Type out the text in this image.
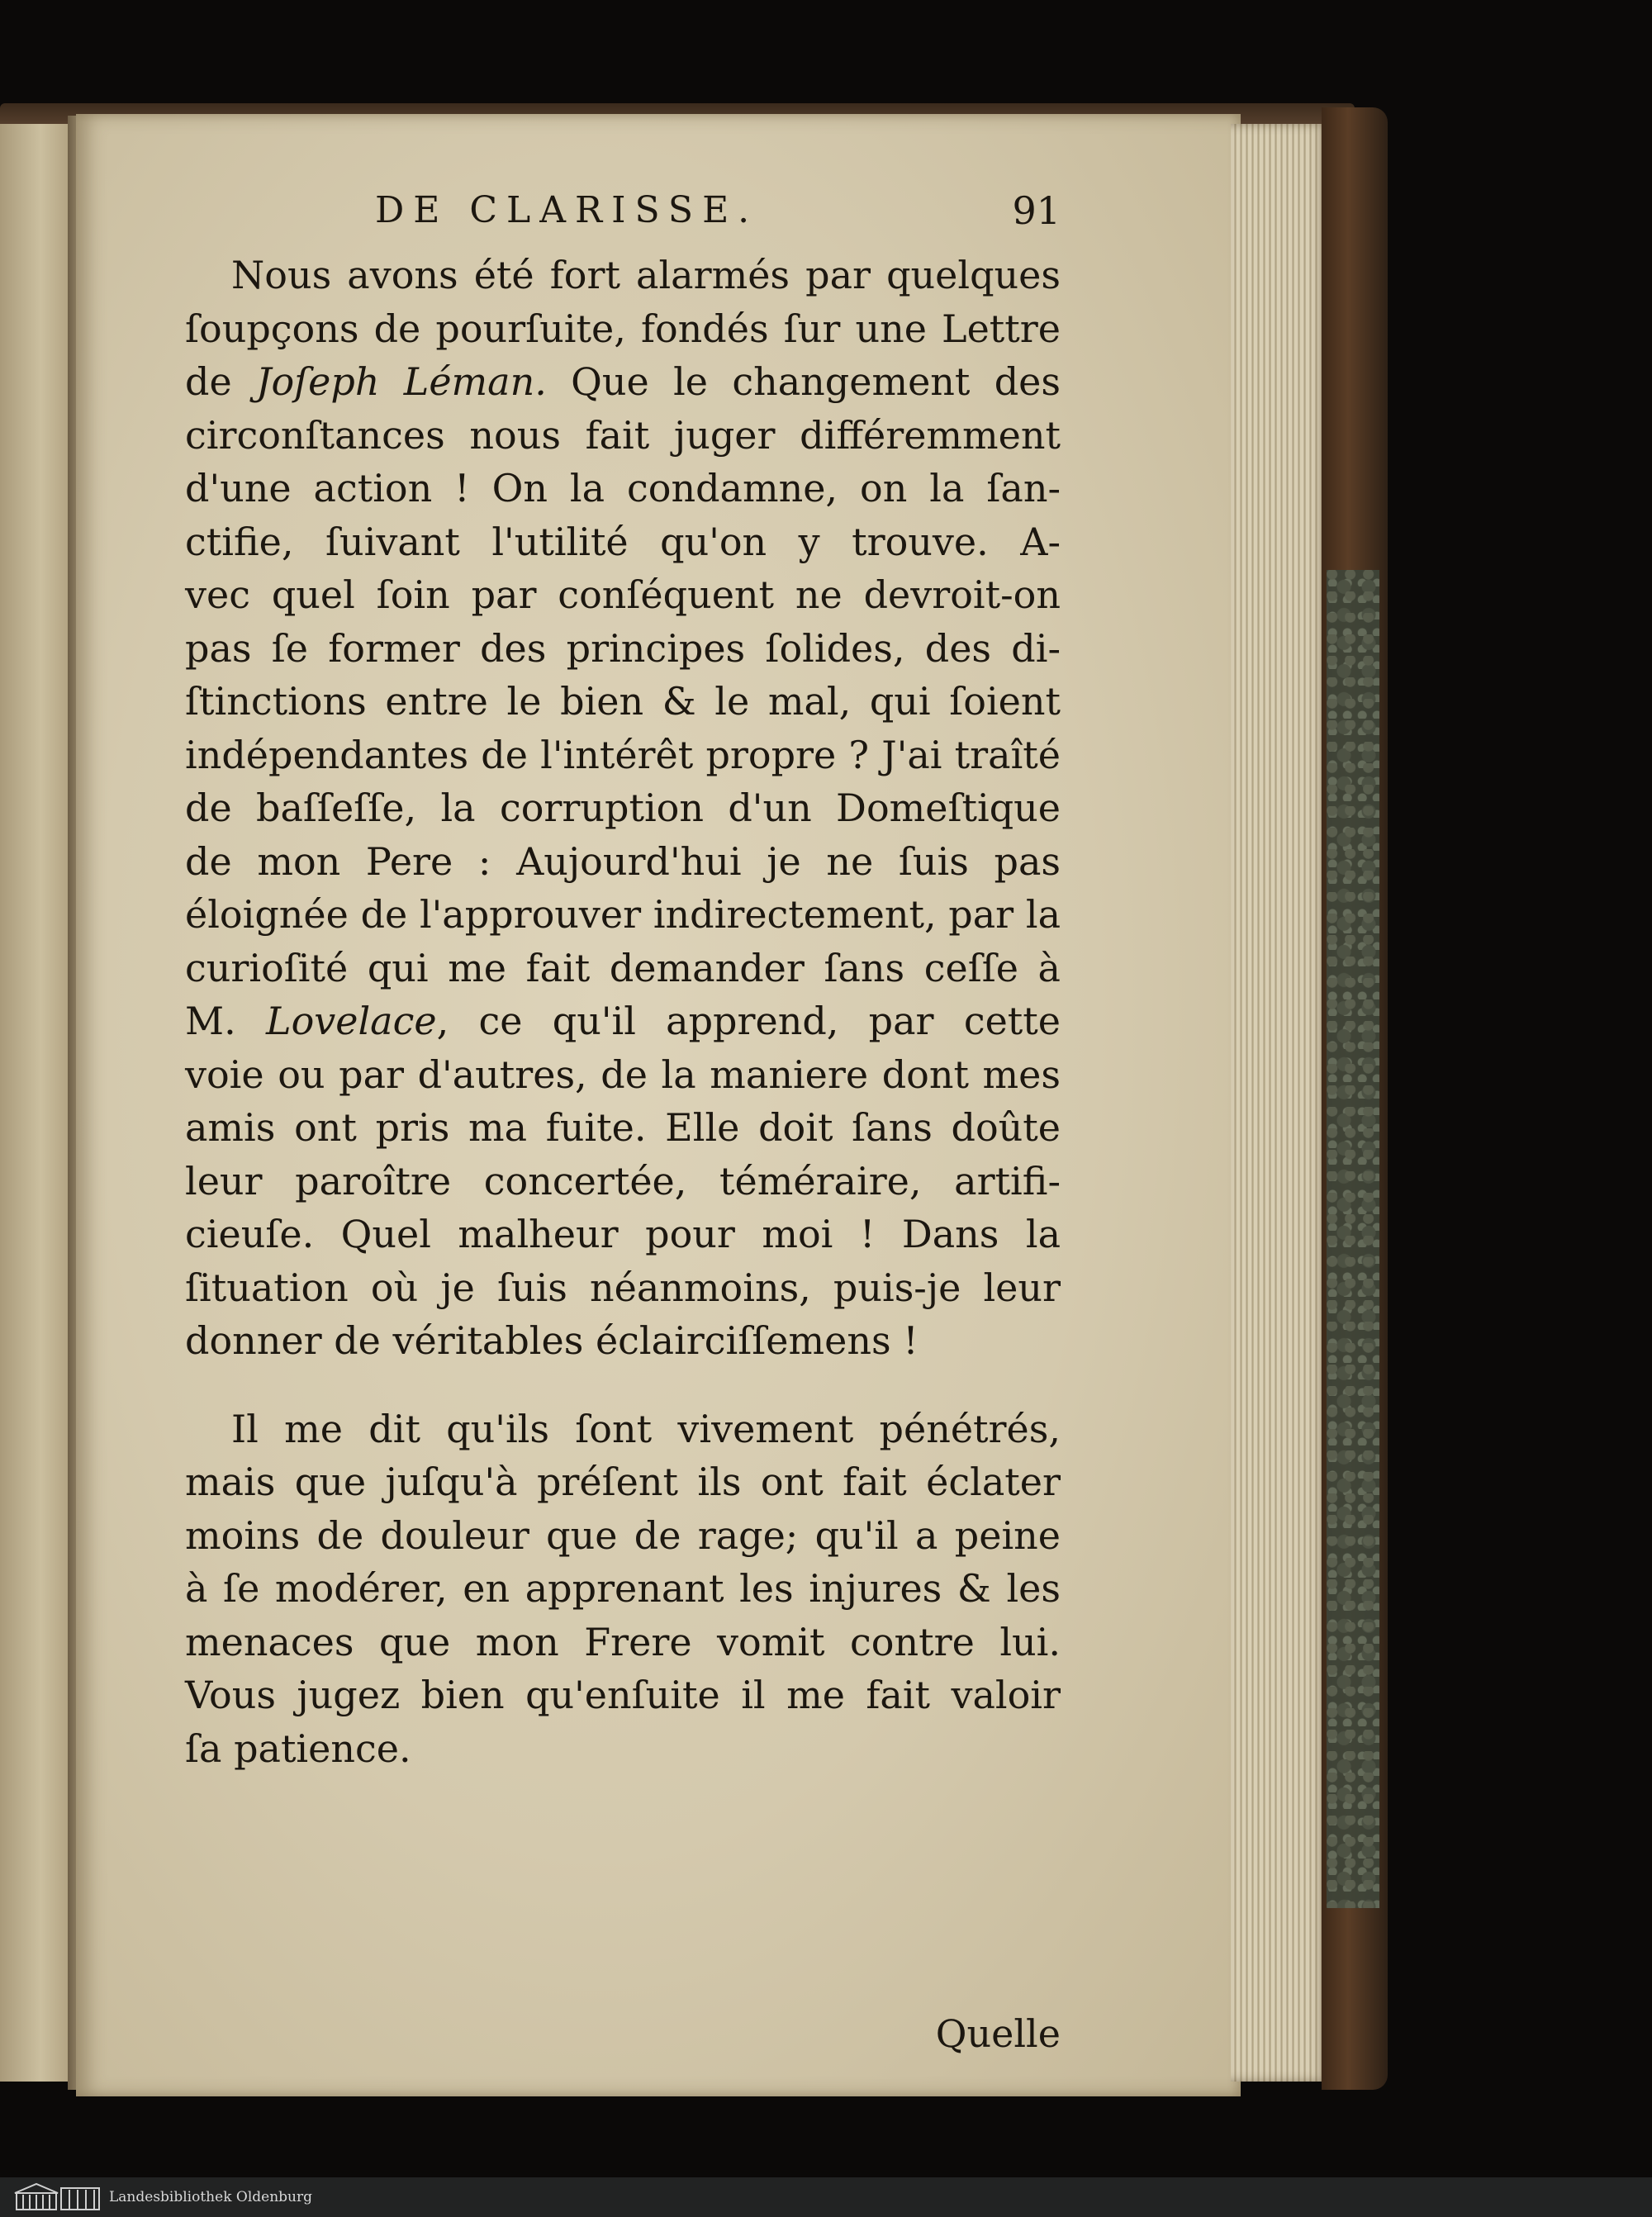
DE CLARISSE.	91
Nous avons été fort alarmés par quelques
ſoupçons de pourſuite, fondés ſur une Lettre
de Joſeph Léman. Que le changement des
circonſtances nous fait juger différemment
d'une action ! On la condamne, on la ſan-
ctifie, ſuivant l'utilité qu'on y trouve. A-
vec quel ſoin par conſéquent ne devroit-on
pas ſe former des principes ſolides, des di-
ſtinctions entre le bien & le mal, qui ſoient
indépendantes de l'intérêt propre ? J'ai traîté
de baſſeſſe, la corruption d'un Domeſtique
de mon Pere : Aujourd'hui je ne ſuis pas
éloignée de l'approuver indirectement, par la
curioſité qui me fait demander ſans ceſſe à
M. Lovelace, ce qu'il apprend, par cette
voie ou par d'autres, de la maniere dont mes
amis ont pris ma fuite. Elle doit ſans doûte
leur paroître concertée, téméraire, artifi-
cieuſe. Quel malheur pour moi ! Dans la
ſituation où je ſuis néanmoins, puis-je leur
donner de véritables éclairciſſemens !
Il me dit qu'ils ſont vivement pénétrés,
mais que juſqu'à préſent ils ont fait éclater
moins de douleur que de rage; qu'il a peine
à ſe modérer, en apprenant les injures & les
menaces que mon Frere vomit contre lui.
Vous jugez bien qu'enſuite il me fait valoir
ſa patience.
Quelle
Landesbibliothek Oldenburg
